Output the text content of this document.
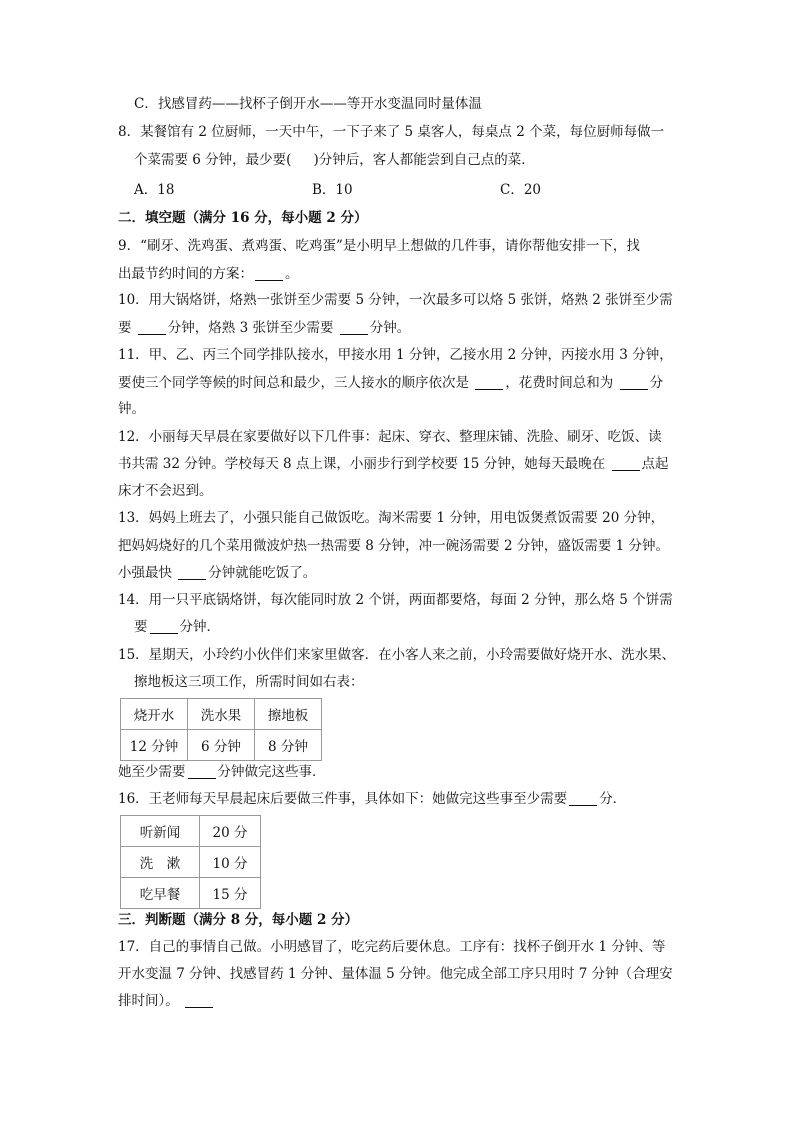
C．找感冒药——找杯子倒开水——等开水变温同时量体温
8．某餐馆有 2 位厨师，一天中午，一下子来了 5 桌客人，每桌点 2 个菜，每位厨师每做一
个菜需要 6 分钟，最少要( )分钟后，客人都能尝到自己点的菜．
A．18	B．10	C．20
二．填空题（满分 16 分，每小题 2 分）
9．“刷牙、洗鸡蛋、煮鸡蛋、吃鸡蛋”是小明早上想做的几件事，请你帮他安排一下，找
出最节约时间的方案： 。
10．用大锅烙饼，烙熟一张饼至少需要 5 分钟，一次最多可以烙 5 张饼，烙熟 2 张饼至少需
要	分钟，烙熟 3 张饼至少需要	分钟。
11．甲、乙、丙三个同学排队接水，甲接水用 1 分钟，乙接水用 2 分钟，丙接水用 3 分钟，
要使三个同学等候的时间总和最少，三人接水的顺序依次是	，花费时间总和为	分
钟。
12．小丽每天早晨在家要做好以下几件事：起床、穿衣、整理床铺、洗脸、刷牙、吃饭、读
书共需 32 分钟。学校每天 8 点上课，小丽步行到学校要 15 分钟，她每天最晚在	点起
床才不会迟到。
13．妈妈上班去了，小强只能自己做饭吃。淘米需要 1 分钟，用电饭煲煮饭需要 20 分钟，
把妈妈烧好的几个菜用微波炉热一热需要 8 分钟，冲一碗汤需要 2 分钟，盛饭需要 1 分钟。
小强最快	分钟就能吃饭了。
14．用一只平底锅烙饼，每次能同时放 2 个饼，两面都要烙，每面 2 分钟，那么烙 5 个饼需
要 分钟．
15．星期天，小玲约小伙伴们来家里做客．在小客人来之前，小玲需要做好烧开水、洗水果、
擦地板这三项工作，所需时间如右表：
烧开水	洗水果	擦地板
12 分钟	6 分钟	8 分钟
她至少需要 分钟做完这些事．
16．王老师每天早晨起床后要做三件事，具体如下：她做完这些事至少需要 分．
听新闻	20 分
洗　漱	10 分
吃早餐	15 分
三．判断题（满分 8 分，每小题 2 分）
17．自己的事情自己做。小明感冒了，吃完药后要休息。工序有：找杯子倒开水 1 分钟、等
开水变温 7 分钟、找感冒药 1 分钟、量体温 5 分钟。他完成全部工序只用时 7 分钟（合理安
排时间）。
